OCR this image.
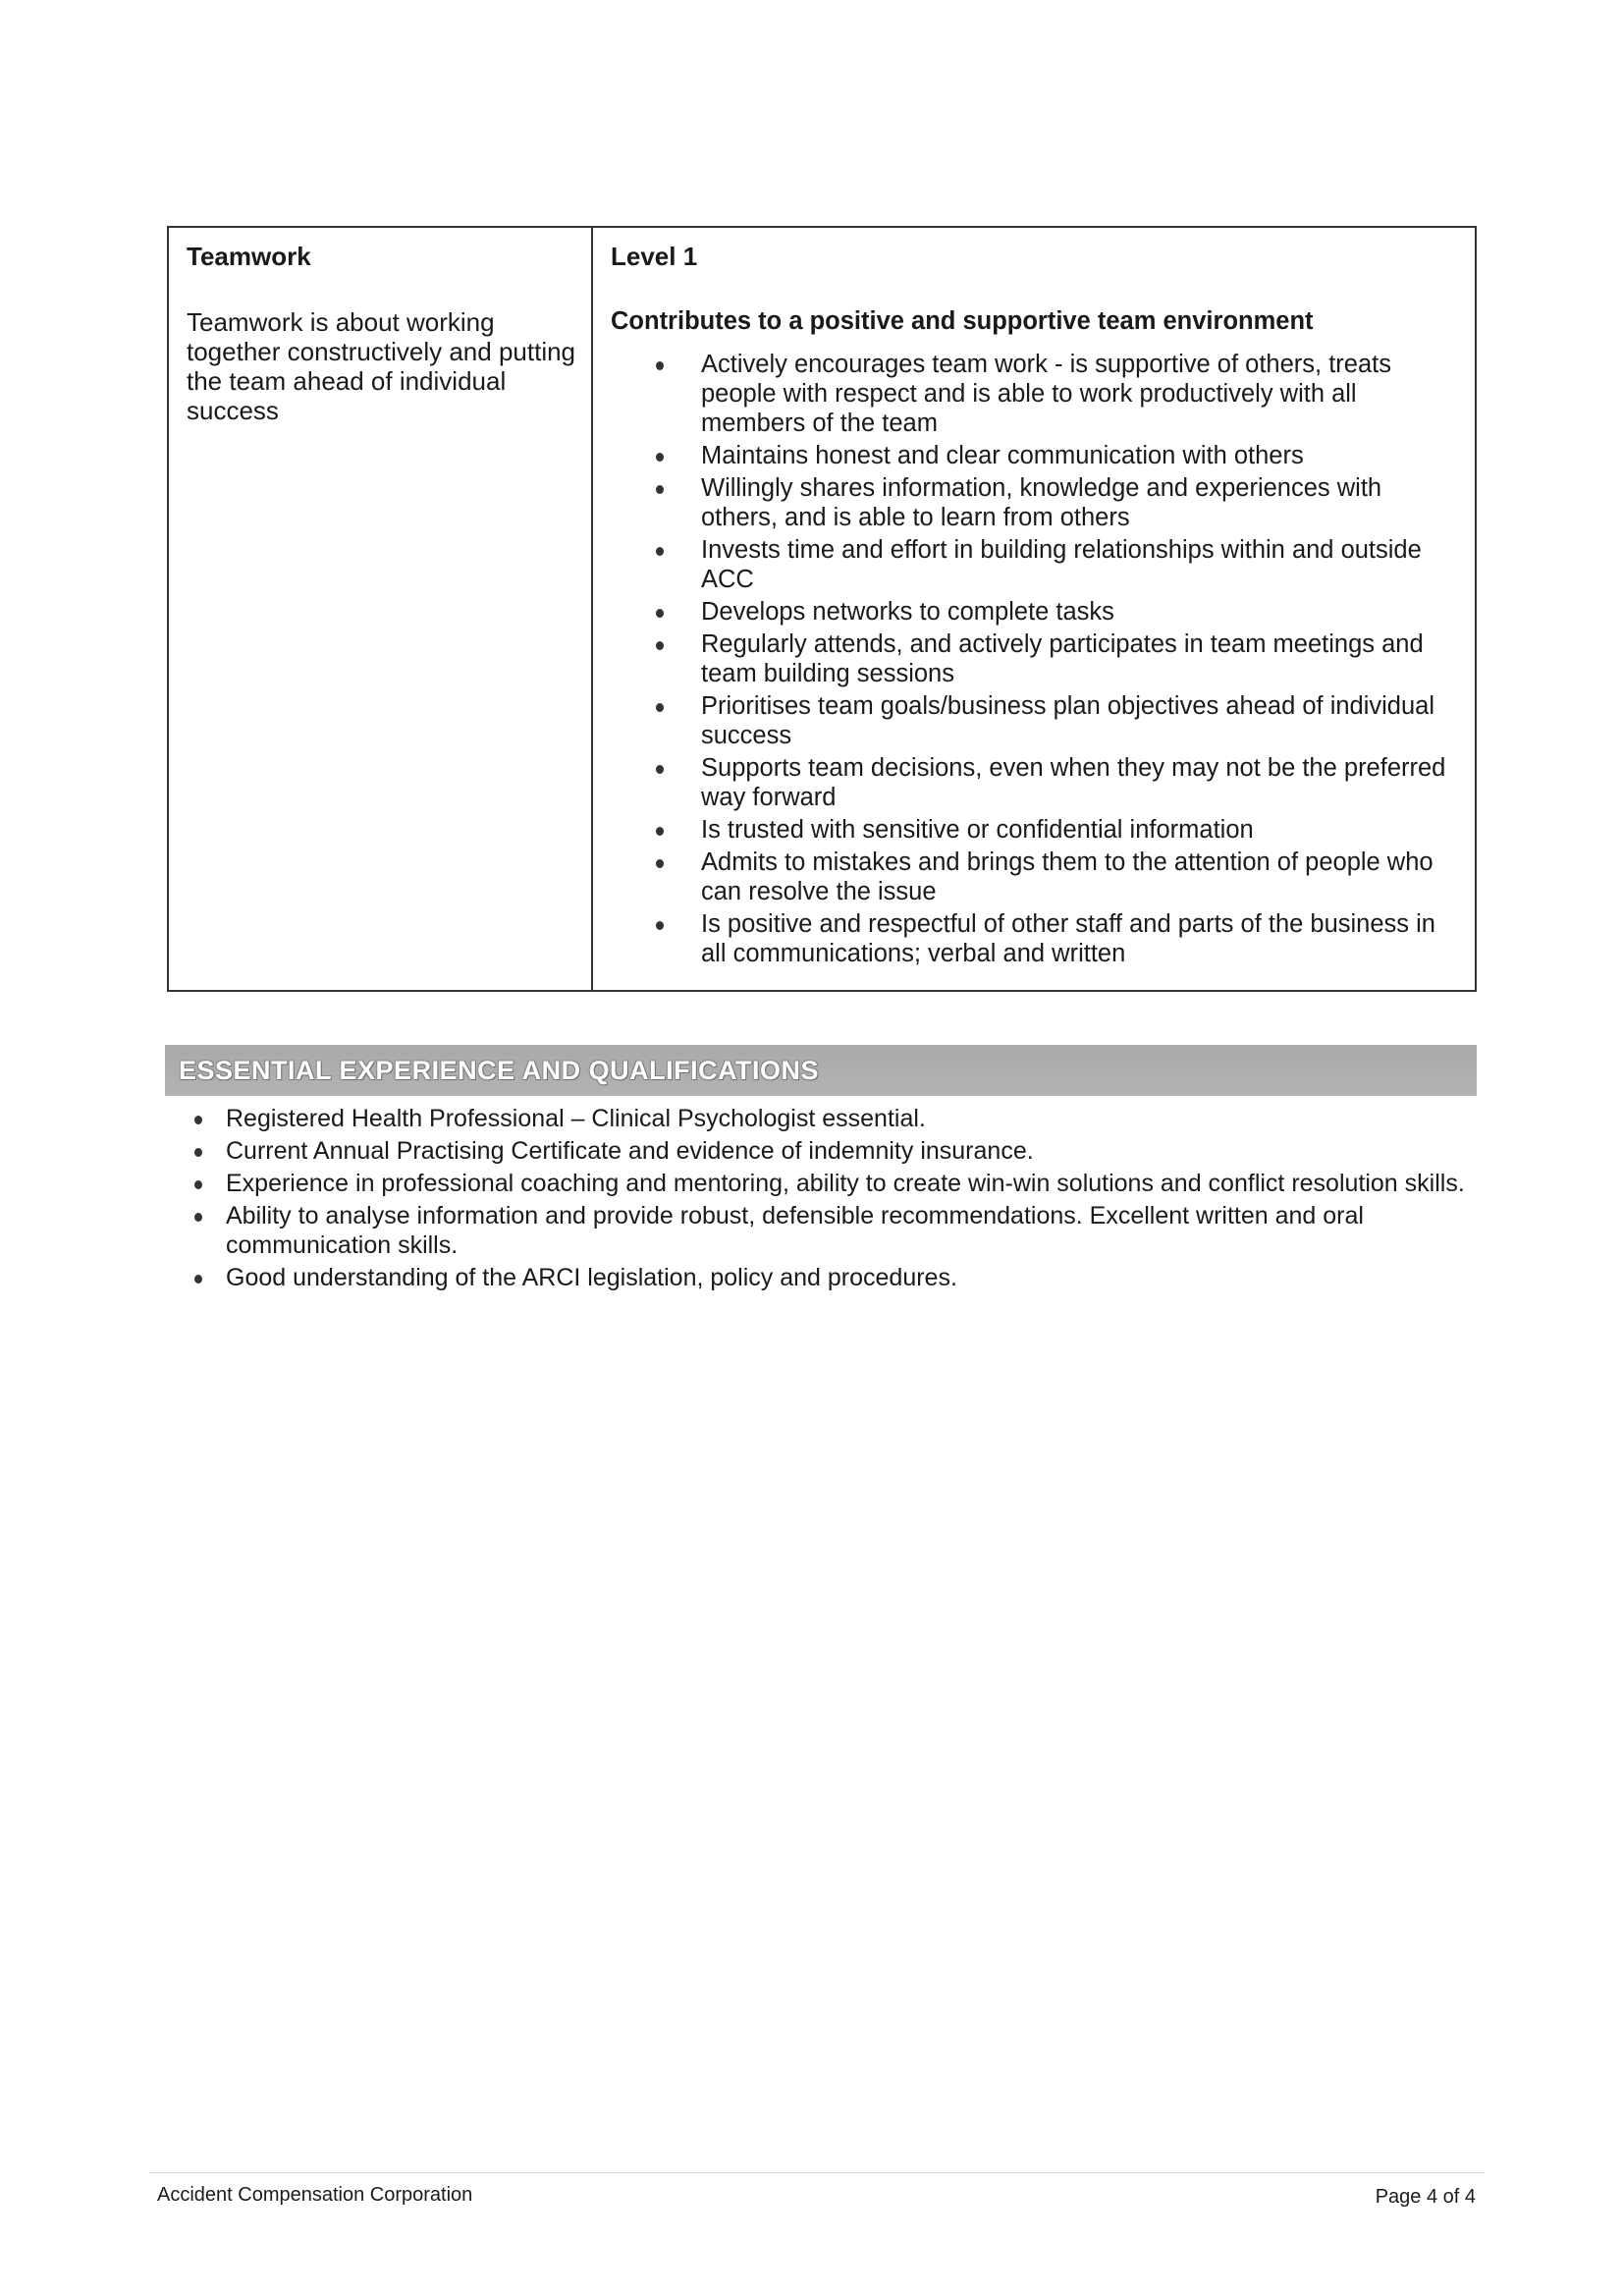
Teamwork

Teamwork is about working together constructively and putting the team ahead of individual success

Level 1

Contributes to a positive and supportive team environment

Actively encourages team work - is supportive of others, treats people with respect and is able to work productively with all members of the team
Maintains honest and clear communication with others
Willingly shares information, knowledge and experiences with others, and is able to learn from others
Invests time and effort in building relationships within and outside ACC
Develops networks to complete tasks
Regularly attends, and actively participates in team meetings and team building sessions
Prioritises team goals/business plan objectives ahead of individual success
Supports team decisions, even when they may not be the preferred way forward
Is trusted with sensitive or confidential information
Admits to mistakes and brings them to the attention of people who can resolve the issue
Is positive and respectful of other staff and parts of the business in all communications; verbal and written
ESSENTIAL EXPERIENCE AND QUALIFICATIONS
Registered Health Professional – Clinical Psychologist essential.
Current Annual Practising Certificate and evidence of indemnity insurance.
Experience in professional coaching and mentoring, ability to create win-win solutions and conflict resolution skills.
Ability to analyse information and provide robust, defensible recommendations. Excellent written and oral communication skills.
Good understanding of the ARCI legislation, policy and procedures.
Accident Compensation Corporation	Page 4 of 4
